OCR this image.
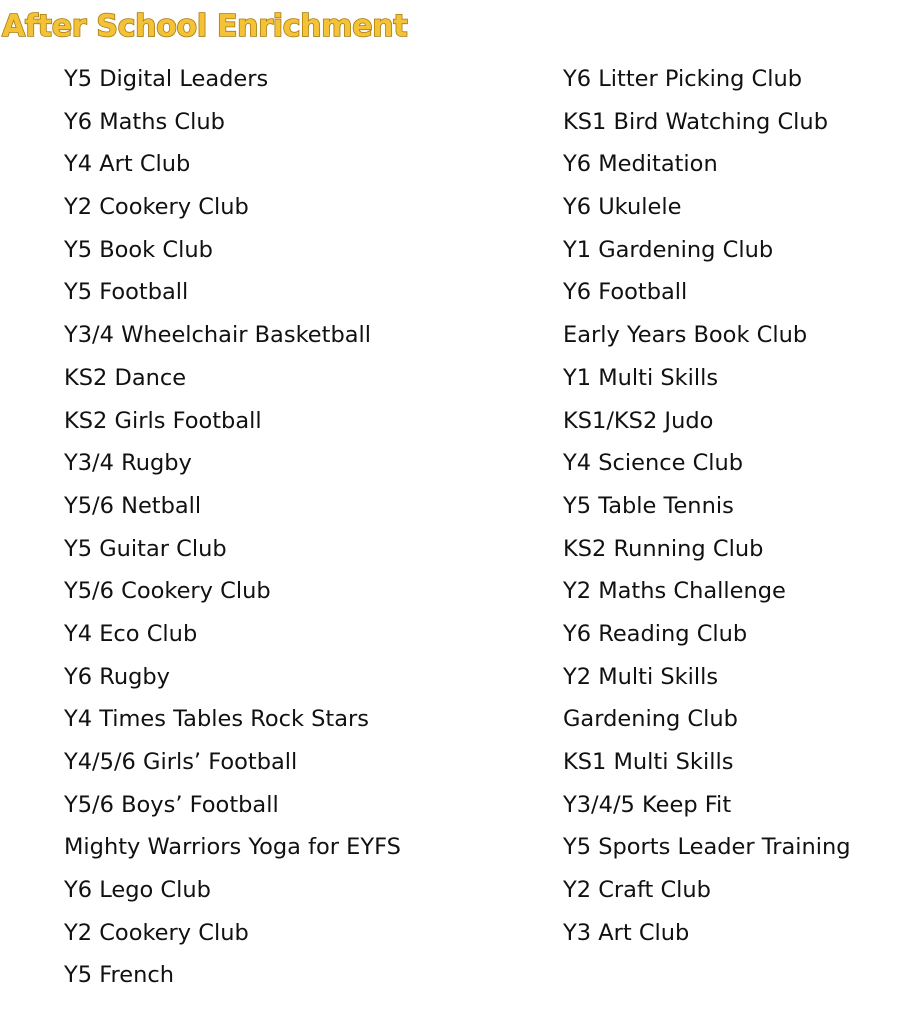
After School Enrichment
Y5 Digital Leaders
Y6 Maths Club
Y4 Art Club
Y2 Cookery Club
Y5 Book Club
Y5 Football
Y3/4 Wheelchair Basketball
KS2 Dance
KS2 Girls Football
Y3/4 Rugby
Y5/6 Netball
Y5 Guitar Club
Y5/6 Cookery Club
Y4 Eco Club
Y6 Rugby
Y4 Times Tables Rock Stars
Y4/5/6 Girls’ Football
Y5/6 Boys’ Football
Mighty Warriors Yoga for EYFS
Y6 Lego Club
Y2 Cookery Club
Y5 French
Y6 Litter Picking Club
KS1 Bird Watching Club
Y6 Meditation
Y6 Ukulele
Y1 Gardening Club
Y6 Football
Early Years Book Club
Y1 Multi Skills
KS1/KS2 Judo
Y4 Science Club
Y5 Table Tennis
KS2 Running Club
Y2 Maths Challenge
Y6 Reading Club
Y2 Multi Skills
Gardening Club
KS1 Multi Skills
Y3/4/5 Keep Fit
Y5 Sports Leader Training
Y2 Craft Club
Y3 Art Club
